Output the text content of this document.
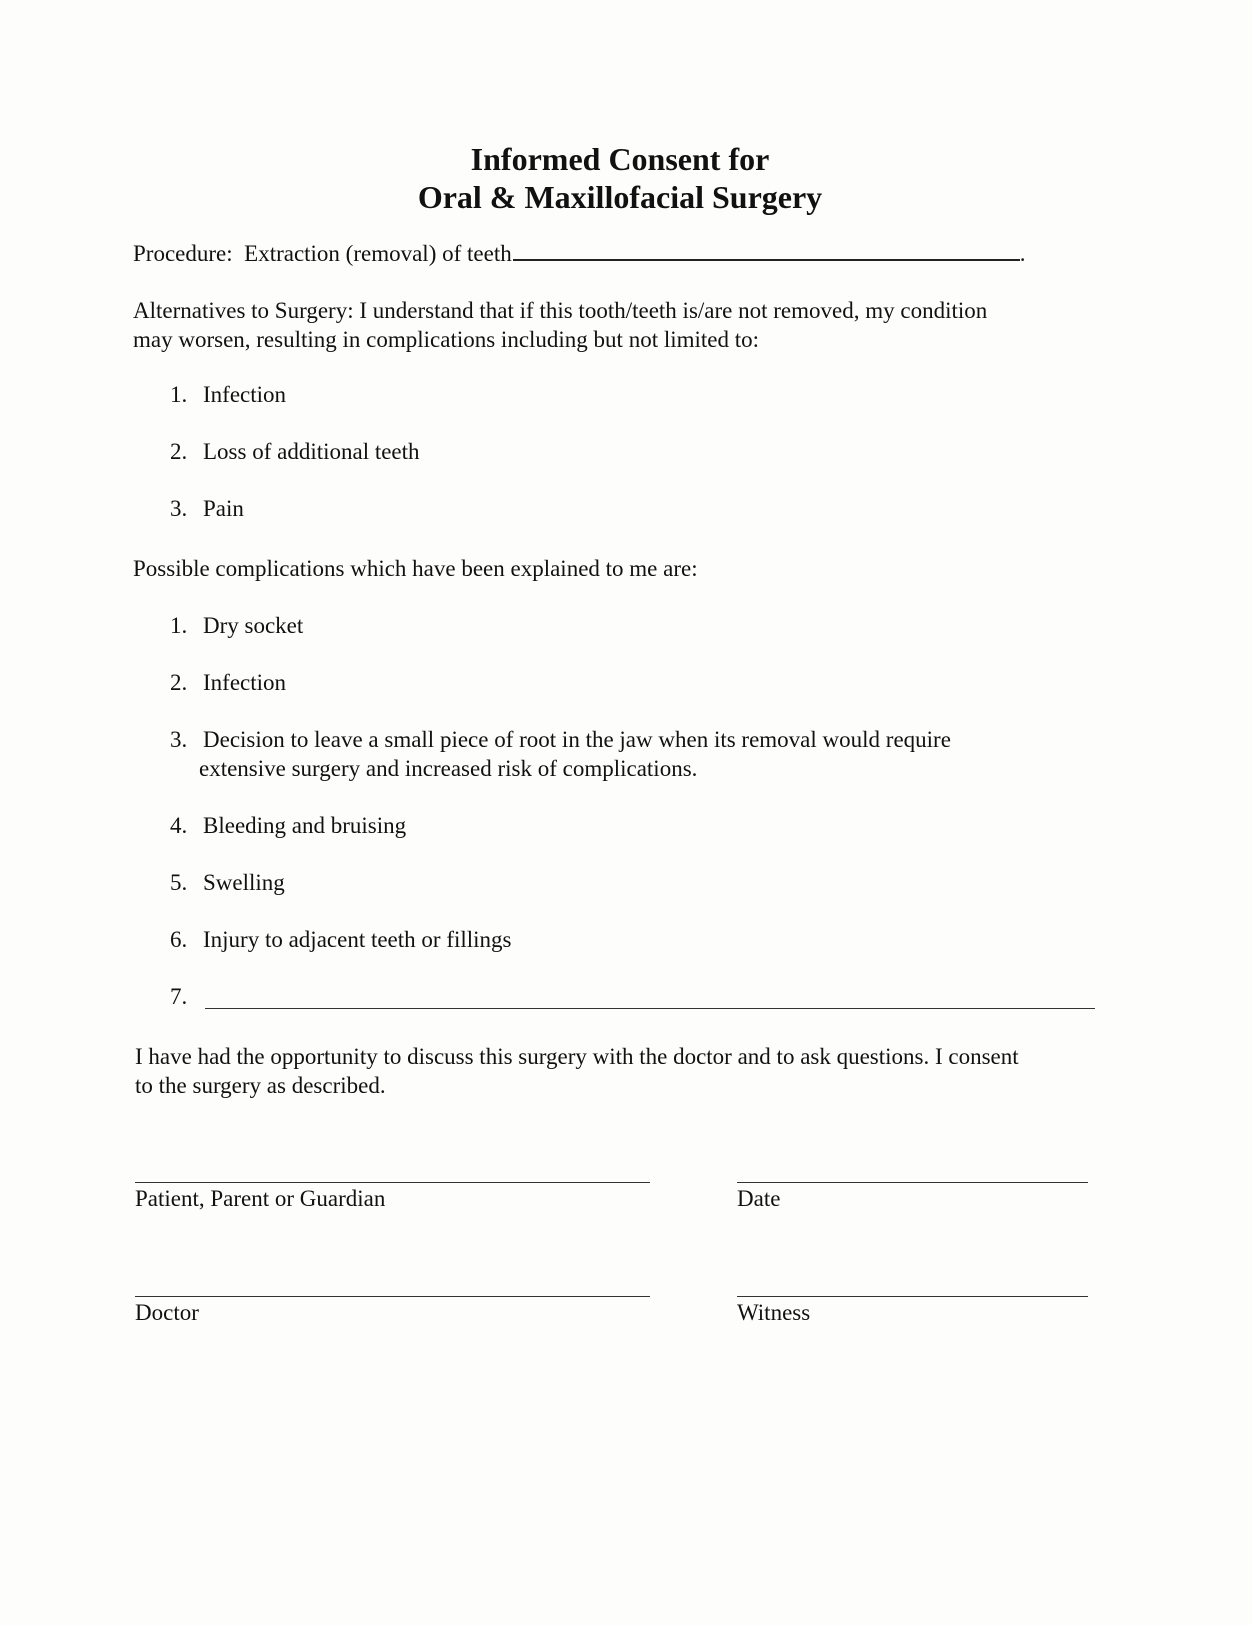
Informed Consent for
Oral & Maxillofacial Surgery
Procedure: Extraction (removal) of teeth	.
Alternatives to Surgery: I understand that if this tooth/teeth is/are not removed, my condition
may worsen, resulting in complications including but not limited to:
1. Infection
2. Loss of additional teeth
3. Pain
Possible complications which have been explained to me are:
1. Dry socket
2. Infection
3. Decision to leave a small piece of root in the jaw when its removal would require
extensive surgery and increased risk of complications.
4. Bleeding and bruising
5. Swelling
6. Injury to adjacent teeth or fillings
7.
I have had the opportunity to discuss this surgery with the doctor and to ask questions. I consent
to the surgery as described.
Patient, Parent or Guardian	Date
Doctor	Witness
